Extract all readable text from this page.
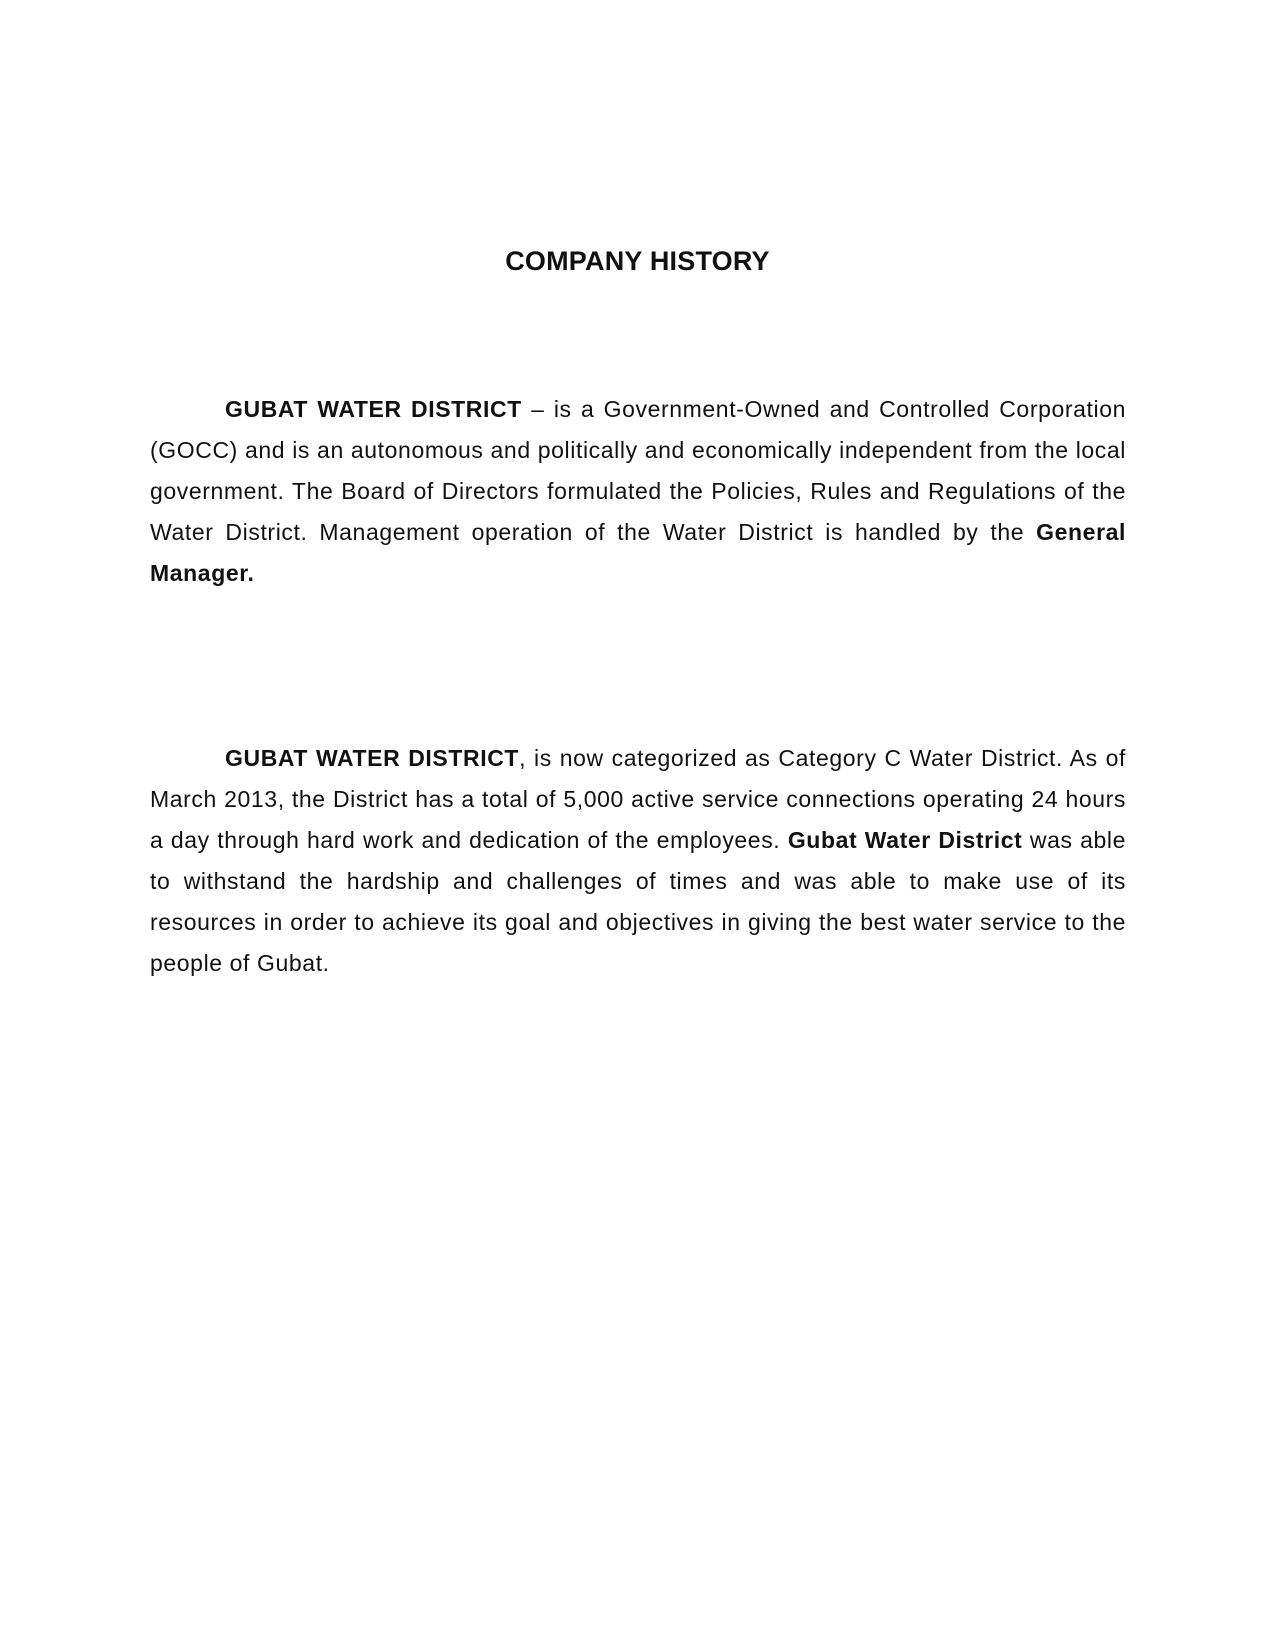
COMPANY HISTORY

GUBAT WATER DISTRICT – is a Government-Owned and Controlled Corporation (GOCC) and is an autonomous and politically and economically independent from the local government. The Board of Directors formulated the Policies, Rules and Regulations of the Water District. Management operation of the Water District is handled by the General Manager.

GUBAT WATER DISTRICT, is now categorized as Category C Water District. As of March 2013, the District has a total of 5,000 active service connections operating 24 hours a day through hard work and dedication of the employees. Gubat Water District was able to withstand the hardship and challenges of times and was able to make use of its resources in order to achieve its goal and objectives in giving the best water service to the people of Gubat.
